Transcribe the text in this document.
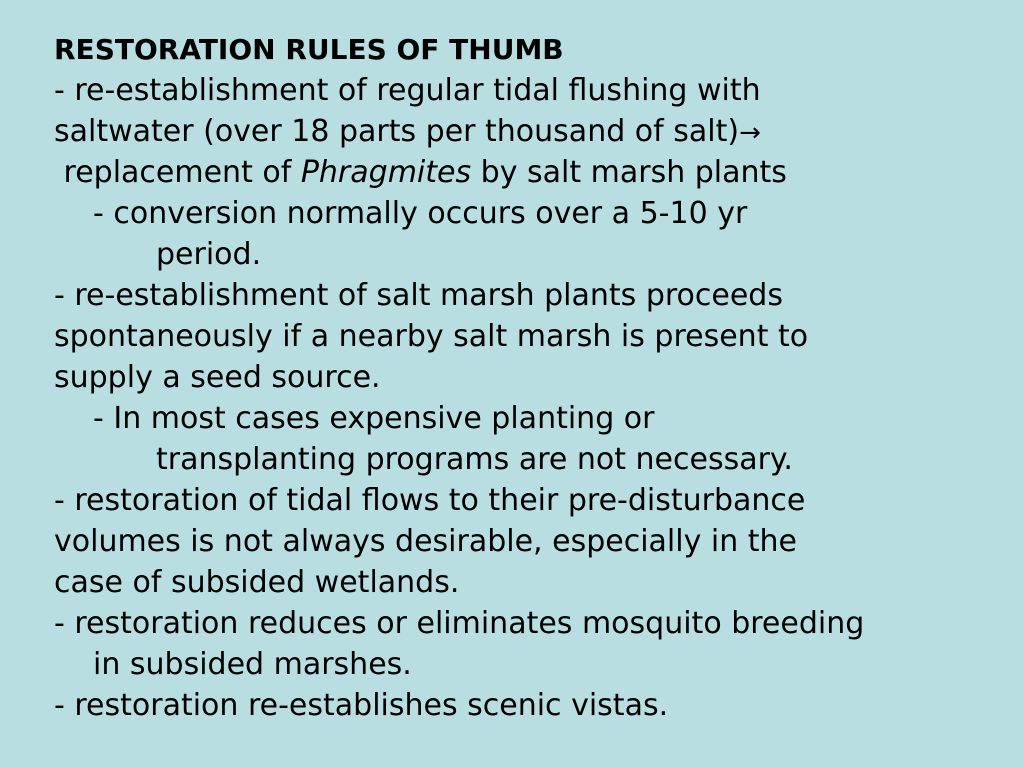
RESTORATION RULES OF THUMB
- re-establishment of regular tidal flushing with
saltwater (over 18 parts per thousand of salt)→
replacement of Phragmites by salt marsh plants
- conversion normally occurs over a 5-10 yr
period.
- re-establishment of salt marsh plants proceeds
spontaneously if a nearby salt marsh is present to
supply a seed source.
- In most cases expensive planting or
transplanting programs are not necessary.
- restoration of tidal flows to their pre-disturbance
volumes is not always desirable, especially in the
case of subsided wetlands.
- restoration reduces or eliminates mosquito breeding
in subsided marshes.
- restoration re-establishes scenic vistas.
